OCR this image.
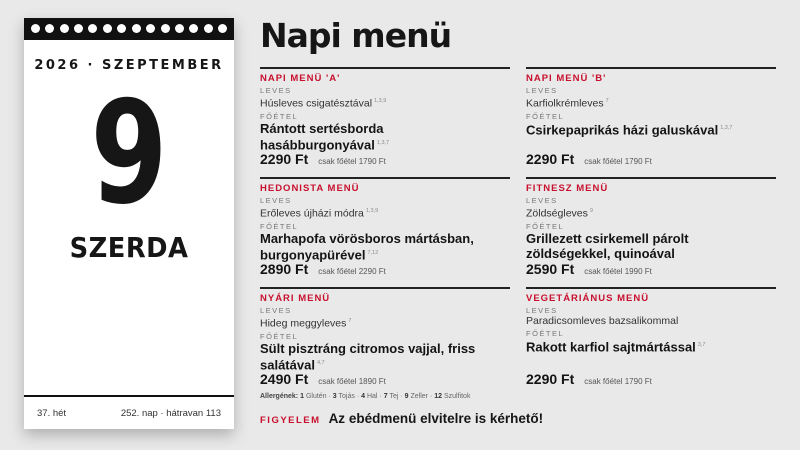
2026 · SZEPTEMBER
9
SZERDA
37. hét	252. nap · hátravan 113
Napi menü
NAPI MENÜ 'A'
LEVES
Húsleves csigatésztával $^{1,3,9}$
FŐÉTEL
Rántott sertésborda hasábburgonyával $^{1,3,7}$
2290 Ft csak főétel 1790 Ft
NAPI MENÜ 'B'
LEVES
Karfiolkrémleves $^7$
FŐÉTEL
Csirkepaprikás házi galuskával $^{1,3,7}$
2290 Ft csak főétel 1790 Ft
HEDONISTA MENÜ
LEVES
Erőleves újházi módra $^{1,3,9}$
FŐÉTEL
Marhapofa vörösboros mártásban, burgonyapürével $^{7,12}$
2890 Ft csak főétel 2290 Ft
FITNESZ MENÜ
LEVES
Zöldségleves $^9$
FŐÉTEL
Grillezett csirkemell párolt zöldségekkel, quinoával
2590 Ft csak főétel 1990 Ft
NYÁRI MENÜ
LEVES
Hideg meggyleves $^7$
FŐÉTEL
Sült pisztráng citromos vajjal, friss salátával $^{4,7}$
2490 Ft csak főétel 1890 Ft
VEGETÁRIÁNUS MENÜ
LEVES
Paradicsomleves bazsalikommal
FŐÉTEL
Rakott karfiol sajtmártással $^{3,7}$
2290 Ft csak főétel 1790 Ft
Allergének: 1 Glutén · 3 Tojás · 4 Hal · 7 Tej · 9 Zeller · 12 Szulfitok
FIGYELEM Az ebédmenü elvitelre is kérhető!
